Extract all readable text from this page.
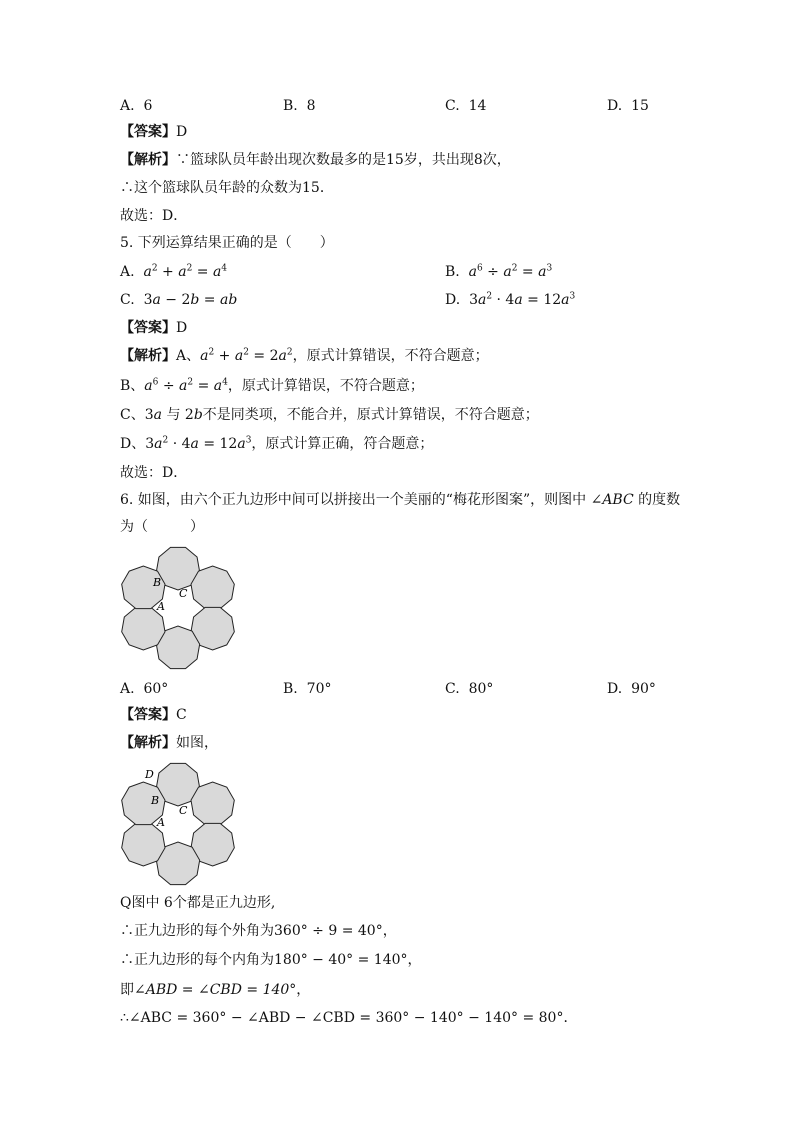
A. 6	B. 8	C. 14	D. 15
【答案】D
【解析】∵篮球队员年龄出现次数最多的是15岁，共出现8次，
∴这个篮球队员年龄的众数为15．
故选：D．
5. 下列运算结果正确的是（　　）
A.  $a^2 + a^2 = a^4$	B.  $a^6 \div a^2 = a^3$
C.  3a − 2b = ab	D.  $3a^2 \cdot 4a = 12a^3$
【答案】D
【解析】A、$a^2 + a^2 = 2a^2$，原式计算错误，不符合题意；
B、$a^6 \div a^2 = a^4$，原式计算错误，不符合题意；
C、3a 与 2b不是同类项，不能合并，原式计算错误，不符合题意；
D、$3a^2 \cdot 4a = 12a^3$，原式计算正确，符合题意；
故选：D．
6. 如图，由六个正九边形中间可以拼接出一个美丽的“梅花形图案”，则图中 ∠ABC 的度数
为（　　　）
B
C
A
A. 60°	B. 70°	C. 80°	D. 90°
【答案】C
【解析】如图，
D
B
C
A
Q图中 6个都是正九边形,
∴正九边形的每个外角为360° ÷ 9 = 40°，
∴正九边形的每个内角为180° − 40° = 140°，
即∠ABD = ∠CBD = 140°，
∴∠ABC = 360° − ∠ABD − ∠CBD = 360° − 140° − 140° = 80°．
